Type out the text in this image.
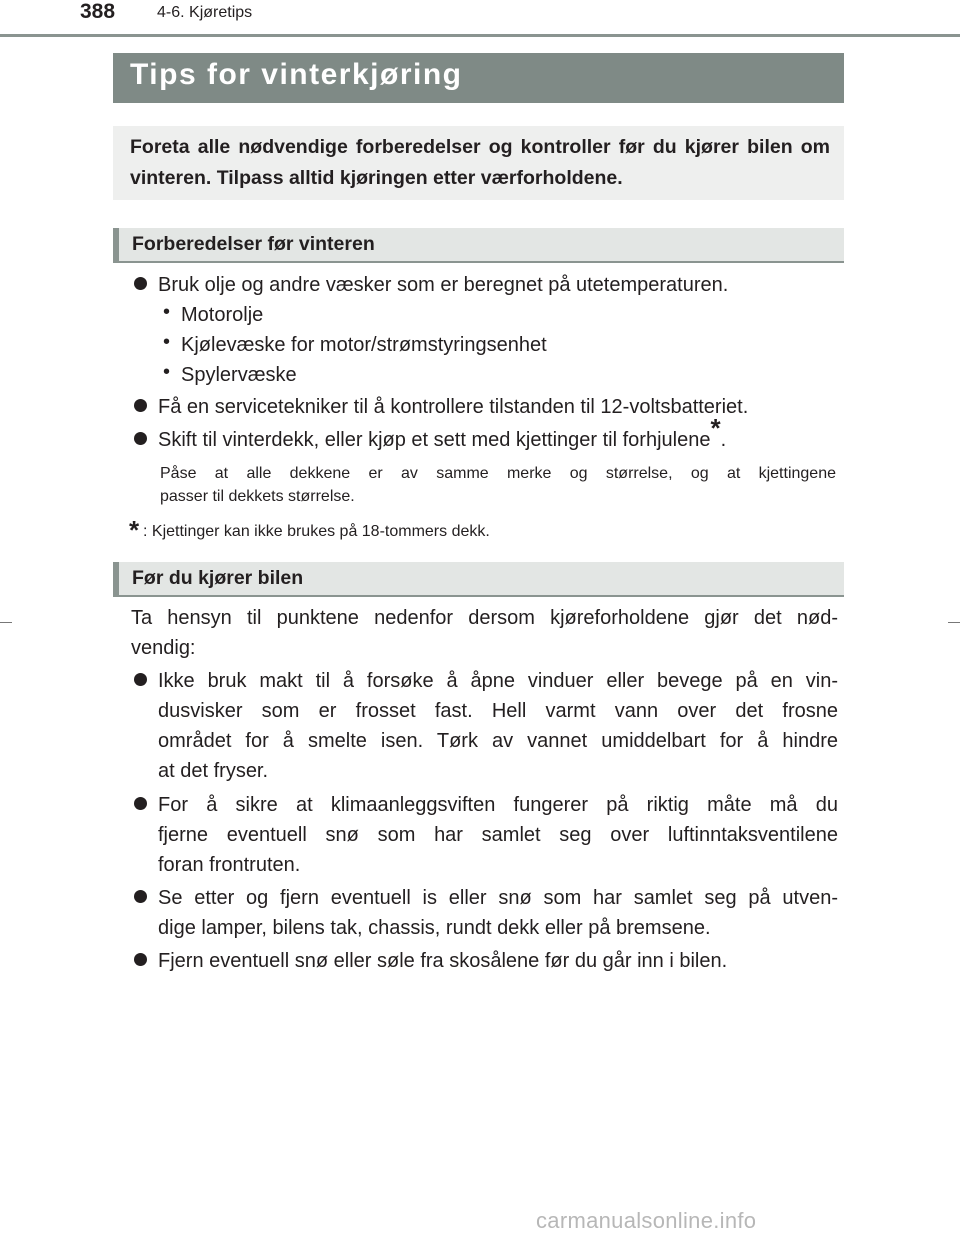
388	4-6. Kjøretips
Tips for vinterkjøring

Foreta alle nødvendige forberedelser og kontroller før du kjører bilen om vinteren. Tilpass alltid kjøringen etter værforholdene.

Forberedelser før vinteren
Bruk olje og andre væsker som er beregnet på utetemperaturen.
• Motorolje
• Kjølevæske for motor/strømstyringsenhet
• Spylervæske
Få en servicetekniker til å kontrollere tilstanden til 12-voltsbatteriet.
Skift til vinterdekk, eller kjøp et sett med kjettinger til forhjulene*.
Påse at alle dekkene er av samme merke og størrelse, og at kjettingene
passer til dekkets størrelse.
* : Kjettinger kan ikke brukes på 18-tommers dekk.
Før du kjører bilen
Ta hensyn til punktene nedenfor dersom kjøreforholdene gjør det nød-
vendig:
Ikke bruk makt til å forsøke å åpne vinduer eller bevege på en vin-
dusvisker som er frosset fast. Hell varmt vann over det frosne
området for å smelte isen. Tørk av vannet umiddelbart for å hindre
at det fryser.
For å sikre at klimaanleggsviften fungerer på riktig måte må du
fjerne eventuell snø som har samlet seg over luftinntaksventilene
foran frontruten.
Se etter og fjern eventuell is eller snø som har samlet seg på utven-
dige lamper, bilens tak, chassis, rundt dekk eller på bremsene.
Fjern eventuell snø eller søle fra skosålene før du går inn i bilen.
carmanualsonline.info
